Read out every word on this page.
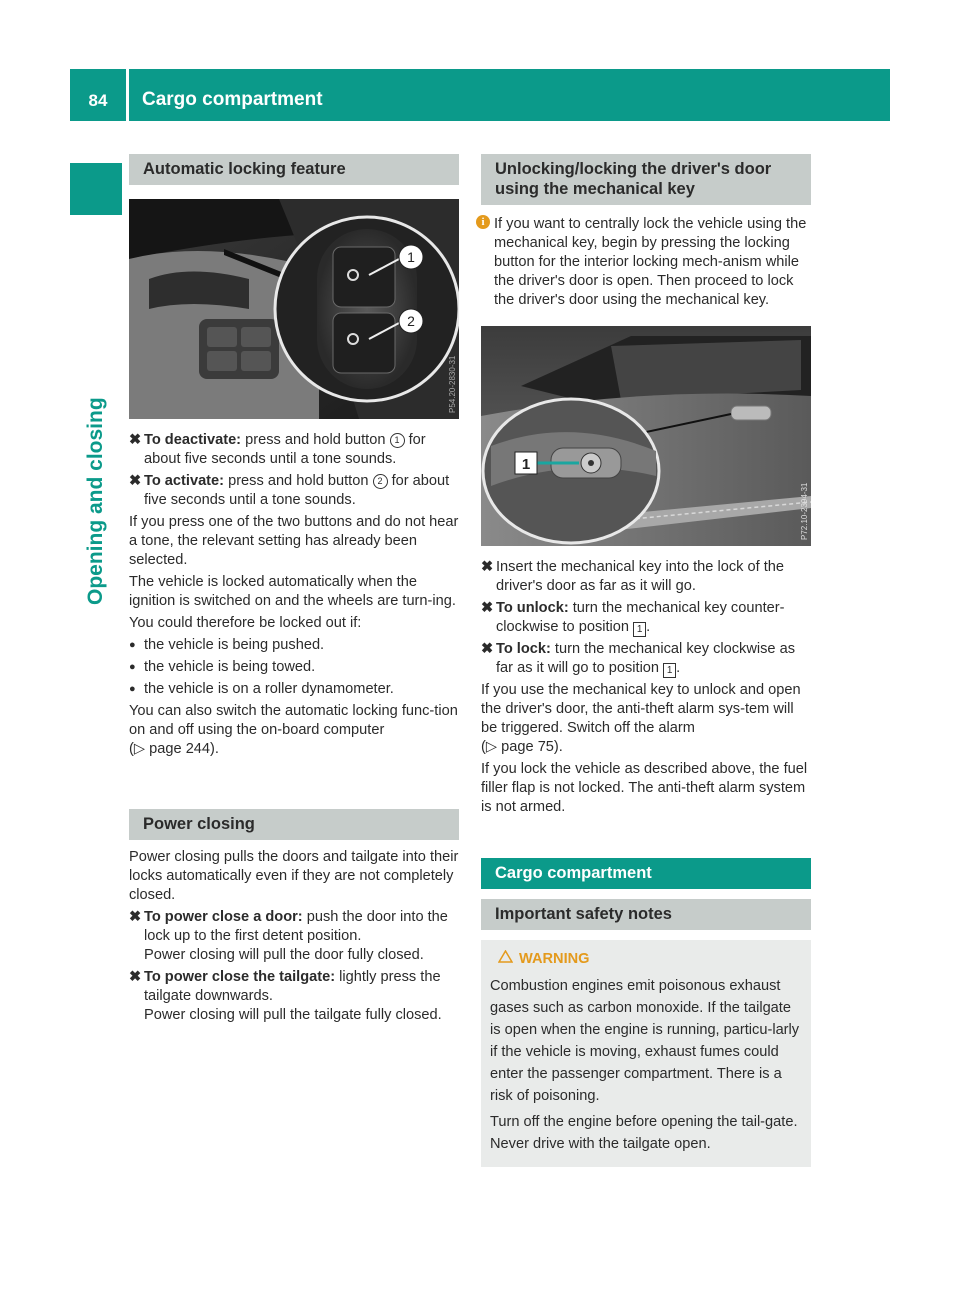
84	Cargo compartment
Opening and closing
Automatic locking feature
1
2
P54.20-2830-31

✖ To deactivate: press and hold button 1 for about five seconds until a tone sounds.

✖ To activate: press and hold button 2 for about five seconds until a tone sounds.

If you press one of the two buttons and do not hear a tone, the relevant setting has already been selected.

The vehicle is locked automatically when the ignition is switched on and the wheels are turn-ing.

You could therefore be locked out if:

● the vehicle is being pushed.
● the vehicle is being towed.
● the vehicle is on a roller dynamometer.

You can also switch the automatic locking func-tion on and off using the on-board computer
(▷ page 244).

Power closing

Power closing pulls the doors and tailgate into their locks automatically even if they are not completely closed.

✖ To power close a door: push the door into the lock up to the first detent position.
Power closing will pull the door fully closed.

✖ To power close the tailgate: lightly press the tailgate downwards.
Power closing will pull the tailgate fully closed.

Unlocking/locking the driver's door using the mechanical key

i If you want to centrally lock the vehicle using the mechanical key, begin by pressing the locking button for the interior locking mech-anism while the driver's door is open. Then proceed to lock the driver's door using the mechanical key.

1
P72.10-2394-31

✖ Insert the mechanical key into the lock of the driver's door as far as it will go.

✖ To unlock: turn the mechanical key counter-clockwise to position 1 .

✖ To lock: turn the mechanical key clockwise as far as it will go to position 1 .

If you use the mechanical key to unlock and open the driver's door, the anti-theft alarm sys-tem will be triggered. Switch off the alarm
(▷ page 75).

If you lock the vehicle as described above, the fuel filler flap is not locked. The anti-theft alarm system is not armed.

Cargo compartment
Important safety notes
WARNING

Combustion engines emit poisonous exhaust gases such as carbon monoxide. If the tailgate is open when the engine is running, particu-larly if the vehicle is moving, exhaust fumes could enter the passenger compartment. There is a risk of poisoning.

Turn off the engine before opening the tail-gate. Never drive with the tailgate open.
